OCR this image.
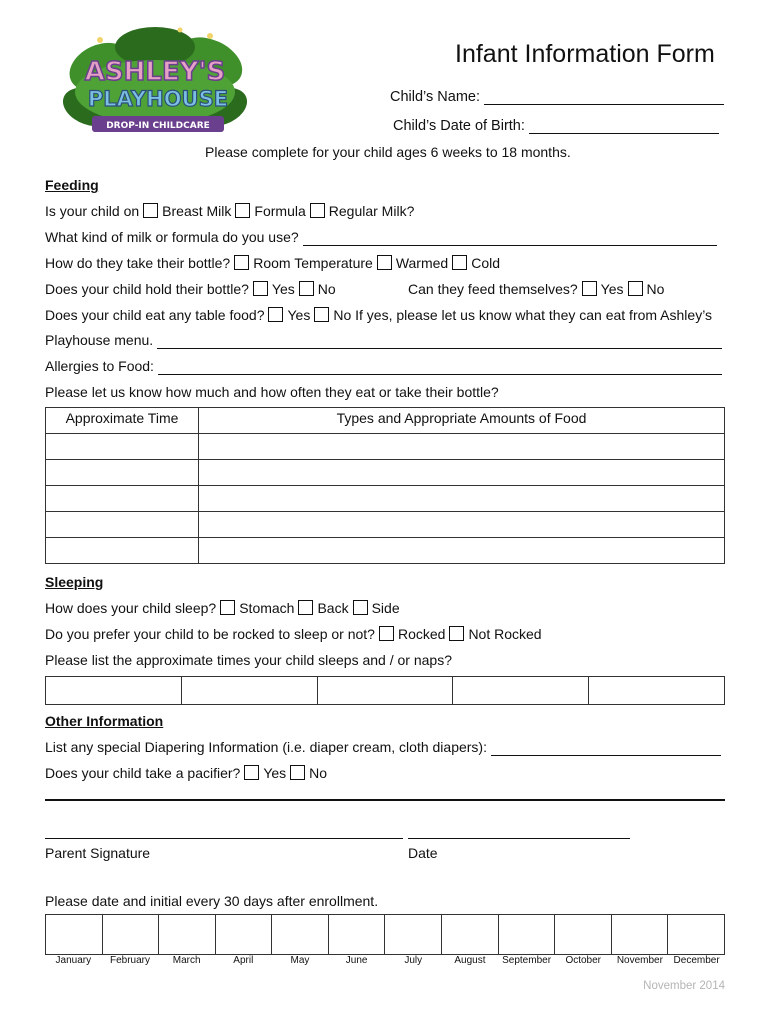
ASHLEY'S
PLAYHOUSE
DROP-IN CHILDCARE
Infant Information Form
Child’s Name:
Child’s Date of Birth:
Please complete for your child ages 6 weeks to 18 months.
Feeding
Is your child on Breast Milk Formula Regular Milk?
What kind of milk or formula do you use?
How do they take their bottle? Room Temperature Warmed Cold
Does your child hold their bottle? Yes No	Can they feed themselves? Yes No
Does your child eat any table food? Yes No If yes, please let us know what they can eat from Ashley’s
Playhouse menu.
Allergies to Food:
Please let us know how much and how often they eat or take their bottle?
Approximate Time	Types and Appropriate Amounts of Food

Sleeping
How does your child sleep? Stomach Back Side
Do you prefer your child to be rocked to sleep or not? Rocked Not Rocked
Please list the approximate times your child sleeps and / or naps?

Other Information
List any special Diapering Information (i.e. diaper cream, cloth diapers):
Does your child take a pacifier? Yes No
Parent Signature	Date
Please date and initial every 30 days after enrollment.

January	February	March	April	May	June	July	August	September	October	November	December
November 2014
